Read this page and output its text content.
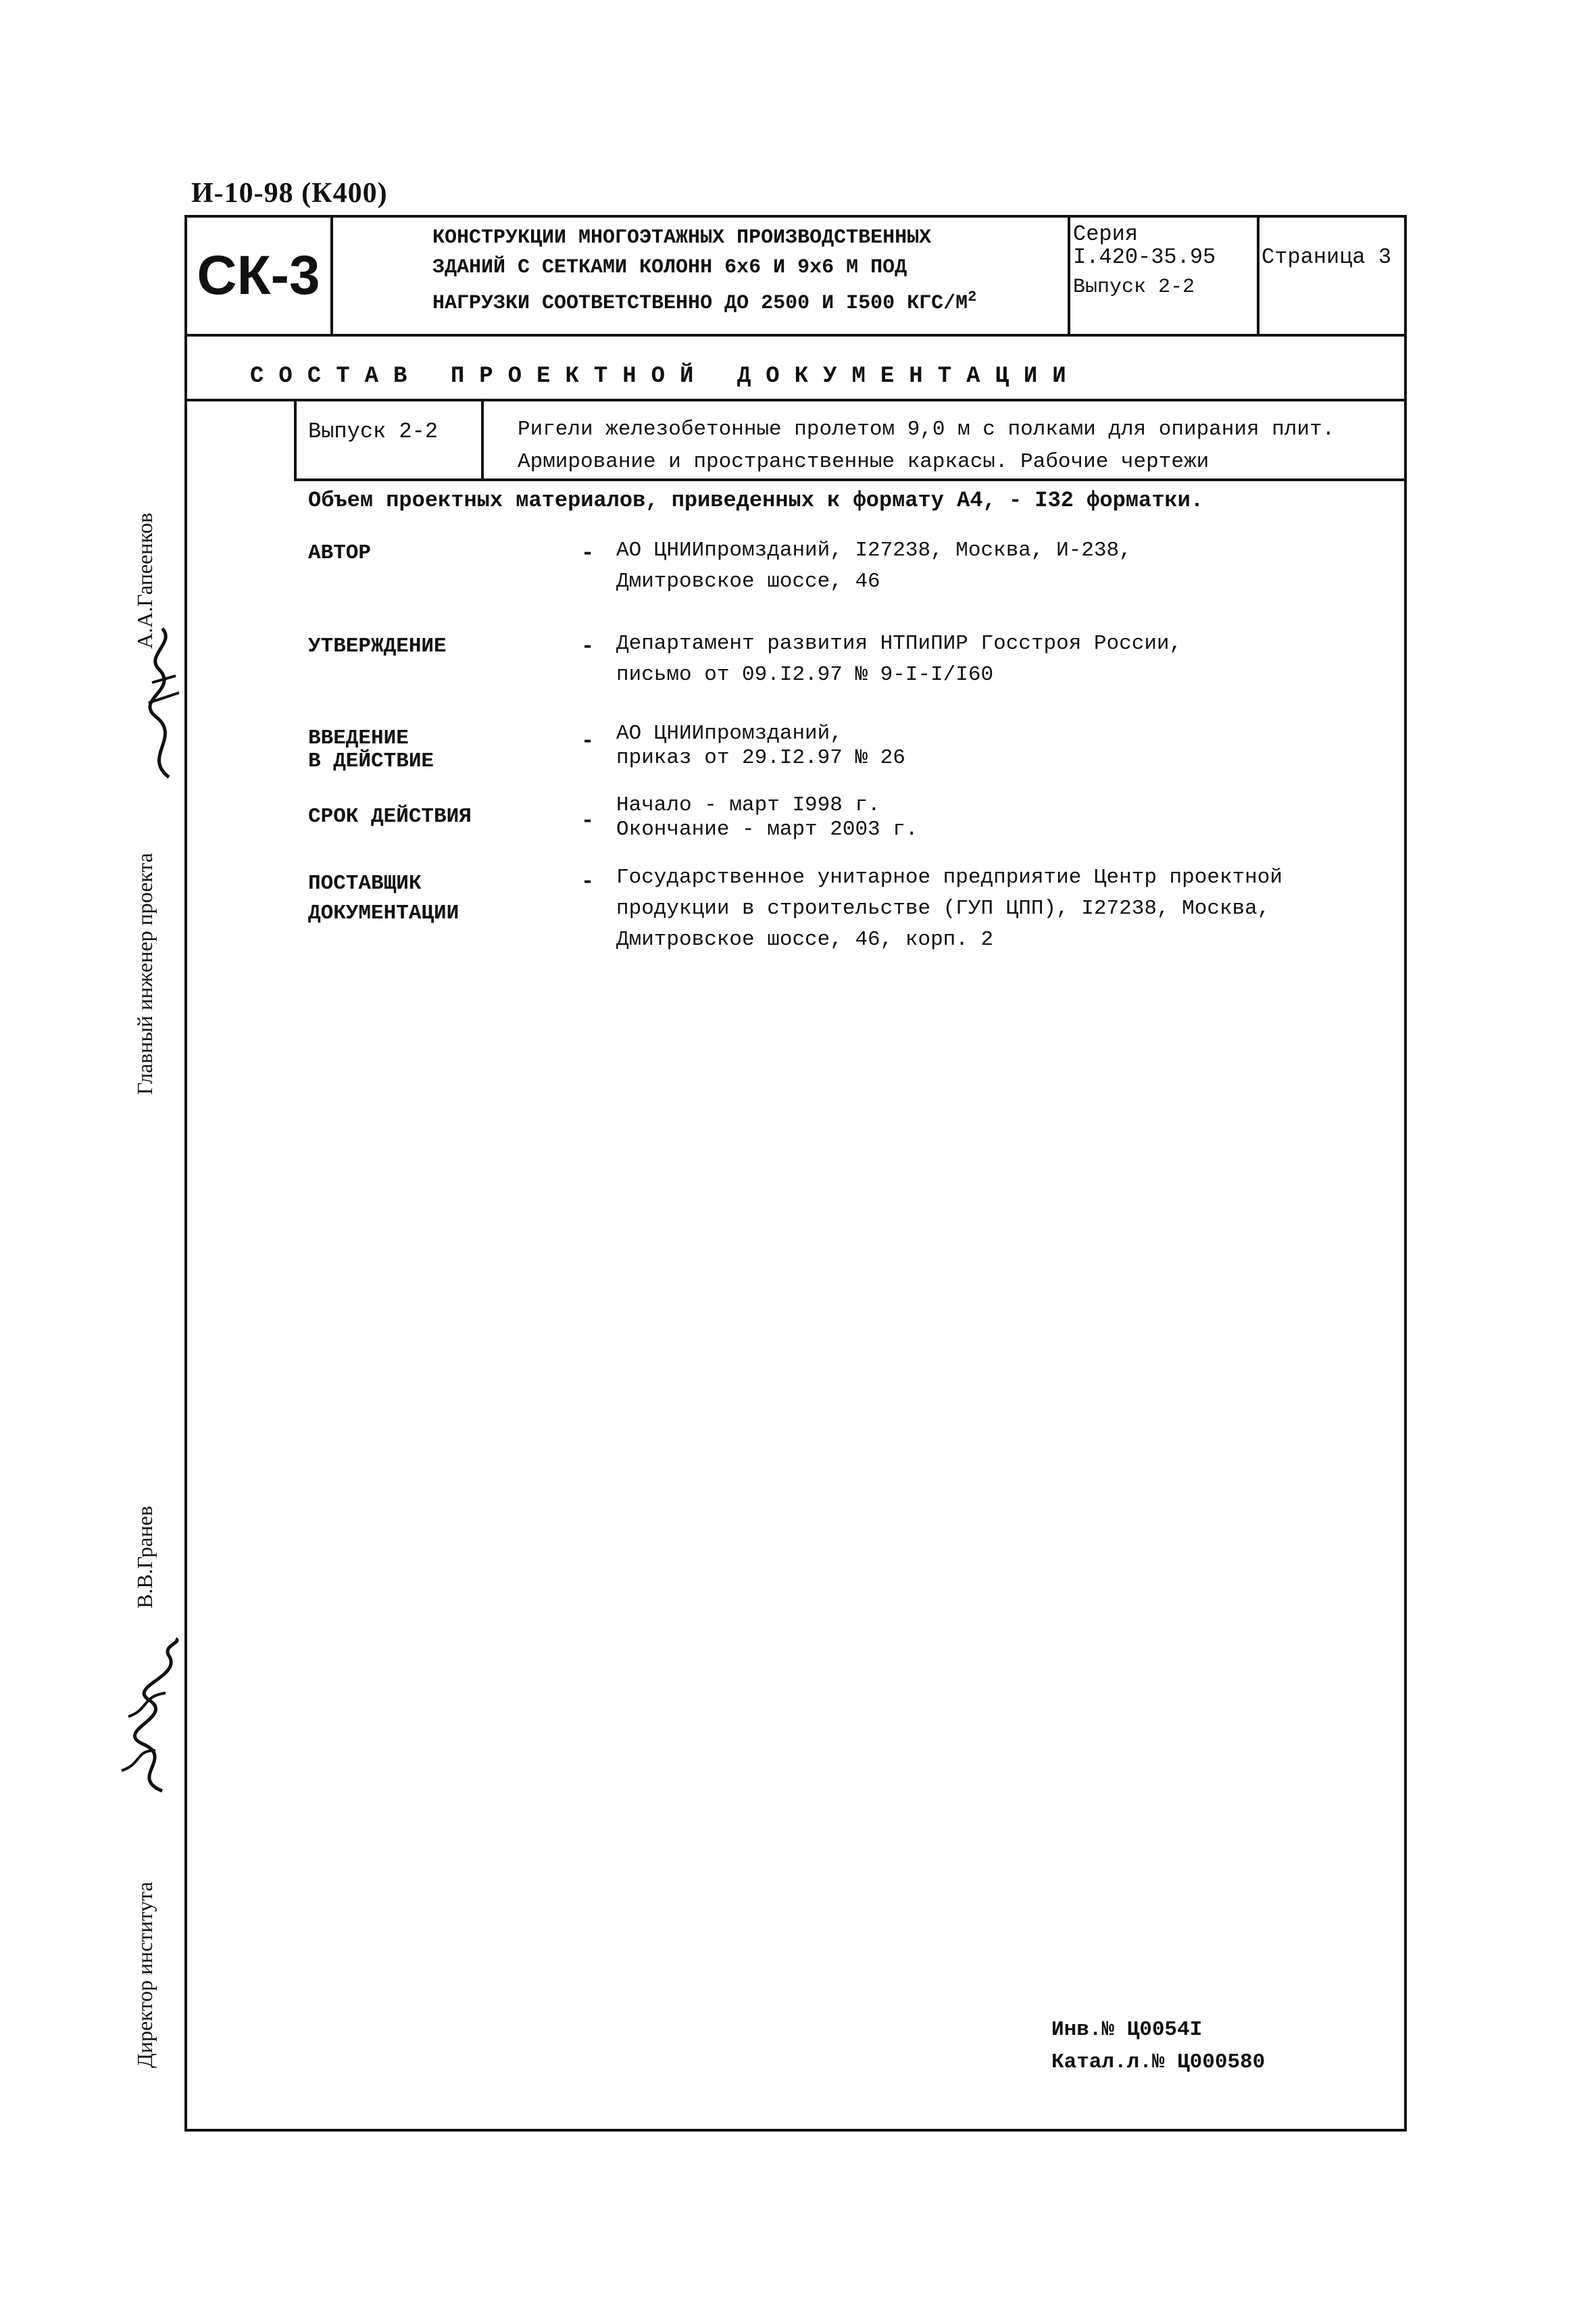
И-10-98 (К400)
СК-3
КОНСТРУКЦИИ МНОГОЭТАЖНЫХ ПРОИЗВОДСТВЕННЫХ
ЗДАНИЙ С СЕТКАМИ КОЛОНН 6х6 И 9х6 М ПОД
НАГРУЗКИ СООТВЕТСТВЕННО ДО 2500 И I500 КГС/$М^2$
Серия
I.420-35.95
Выпуск 2-2
Страница 3
СОСТАВ ПРОЕКТНОЙ ДОКУМЕНТАЦИИ
Выпуск 2-2	Ригели железобетонные пролетом 9,0 м с полками для опирания плит.
Армирование и пространственные каркасы. Рабочие чертежи
Объем проектных материалов, приведенных к формату А4, - I32 форматки.
АВТОР	- АО ЦНИИпромзданий, I27238, Москва, И-238,
Дмитровское шоссе, 46
УТВЕРЖДЕНИЕ	- Департамент развития НТПиПИР Госстроя России,
письмо от 09.I2.97 № 9-I-I/I60
ВВЕДЕНИЕ
В ДЕЙСТВИЕ
- АО ЦНИИпромзданий,
приказ от 29.I2.97 № 26
СРОК ДЕЙСТВИЯ	-
Начало - март I998 г.
Окончание - март 2003 г.
ПОСТАВЩИК
ДОКУМЕНТАЦИИ
- Государственное унитарное предприятие Центр проектной
продукции в строительстве (ГУП ЦПП), I27238, Москва,
Дмитровское шоссе, 46, корп. 2
Главный инженер проекта
А.А.Гапеенков
Директор института
В.В.Гранев
Инв.№ Ц0054I
Катал.л.№ Ц000580
